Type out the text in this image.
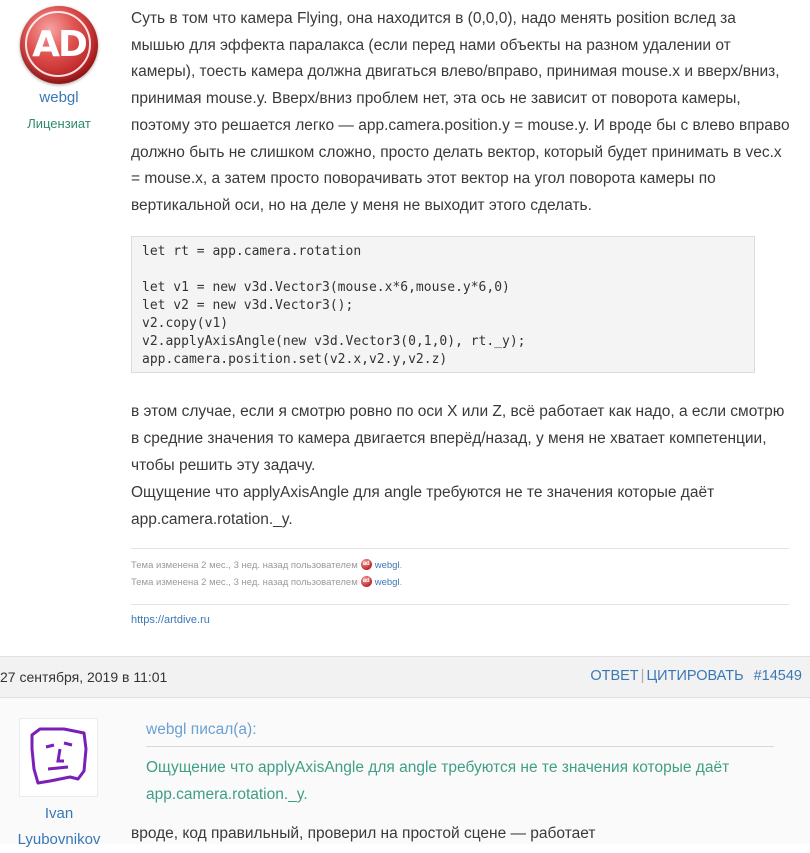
AD
webgl
Лицензиат

Суть в том что камера Flying, она находится в (0,0,0), надо менять position вслед за мышью для эффекта паралакса (если перед нами объекты на разном удалении от камеры), тоесть камера должна двигаться влево/вправо, принимая mouse.x и вверх/вниз, принимая mouse.y. Вверх/вниз проблем нет, эта ось не зависит от поворота камеры, поэтому это решается легко — app.camera.position.y = mouse.y. И вроде бы с влево вправо должно быть не слишком сложно, просто делать вектор, который будет принимать в vec.x = mouse.x, а затем просто поворачивать этот вектор на угол поворота камеры по вертикальной оси, но на деле у меня не выходит этого сделать.

let rt = app.camera.rotation

let v1 = new v3d.Vector3(mouse.x*6,mouse.y*6,0)
let v2 = new v3d.Vector3();
v2.copy(v1)
v2.applyAxisAngle(new v3d.Vector3(0,1,0), rt._y);
app.camera.position.set(v2.x,v2.y,v2.z)

в этом случае, если я смотрю ровно по оси X или Z, всё работает как надо, а если смотрю в средние значения то камера двигается вперёд/назад, у меня не хватает компетенции, чтобы решить эту задачу.

Ощущение что applyAxisAngle для angle требуются не те значения которые даёт app.camera.rotation._y.

Тема изменена 2 мес., 3 нед. назад пользователем ad webgl.
Тема изменена 2 мес., 3 нед. назад пользователем ad webgl.
https://artdive.ru
27 сентября, 2019 в 11:01	ОТВЕТ | ЦИТИРОВАТЬ #14549
Ivan
Lyubovnikov
webgl писал(а):
Ощущение что applyAxisAngle для angle требуются не те значения которые даёт app.camera.rotation._y.
вроде, код правильный, проверил на простой сцене — работает
